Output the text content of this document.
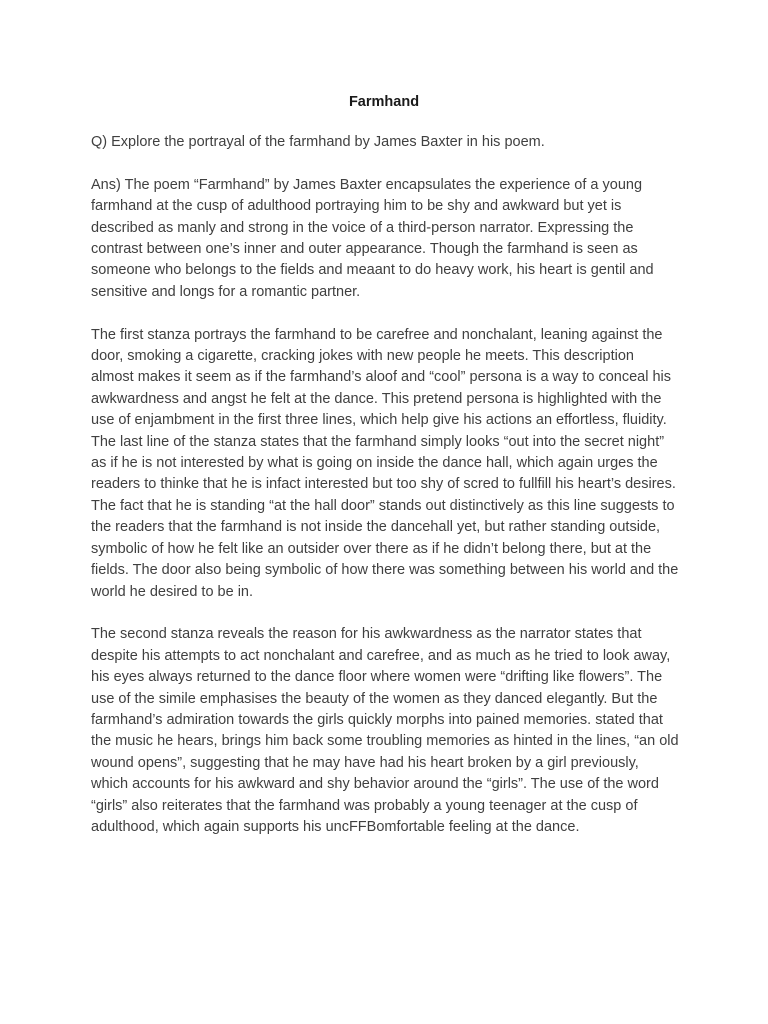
Farmhand

Q) Explore the portrayal of the farmhand by James Baxter in his poem.

Ans) The poem “Farmhand” by James Baxter encapsulates the experience of a young farmhand at the cusp of adulthood portraying him to be shy and awkward but yet is described as manly and strong in the voice of a third-person narrator. Expressing the contrast between one’s inner and outer appearance. Though the farmhand is seen as someone who belongs to the fields and meaant to do heavy work, his heart is gentil and sensitive and longs for a romantic partner.

The first stanza portrays the farmhand to be carefree and nonchalant, leaning against the door, smoking a cigarette, cracking jokes with new people he meets. This description almost makes it seem as if the farmhand’s aloof and “cool” persona is a way to conceal his awkwardness and angst he felt at the dance. This pretend persona is highlighted with the use of enjambment in the first three lines, which help give his actions an effortless, fluidity. The last line of the stanza states that the farmhand simply looks “out into the secret night” as if he is not interested by what is going on inside the dance hall, which again urges the readers to thinke that he is infact interested but too shy of scred to fullfill his heart’s desires. The fact that he is standing “at the hall door” stands out distinctively as this line suggests to the readers that the farmhand is not inside the dancehall yet, but rather standing outside, symbolic of how he felt like an outsider over there as if he didn’t belong there, but at the fields. The door also being symbolic of how there was something between his world and the world he desired to be in.

The second stanza reveals the reason for his awkwardness as the narrator states that despite his attempts to act nonchalant and carefree, and as much as he tried to look away, his eyes always returned to the dance floor where women were “drifting like flowers”. The use of the simile emphasises the beauty of the women as they danced elegantly. But the farmhand’s admiration towards the girls quickly morphs into pained memories. stated that the music he hears, brings him back some troubling memories as hinted in the lines, “an old wound opens”, suggesting that he may have had his heart broken by a girl previously, which accounts for his awkward and shy behavior around the “girls”. The use of the word “girls” also reiterates that the farmhand was probably a young teenager at the cusp of adulthood, which again supports his uncFFBomfortable feeling at the dance.
